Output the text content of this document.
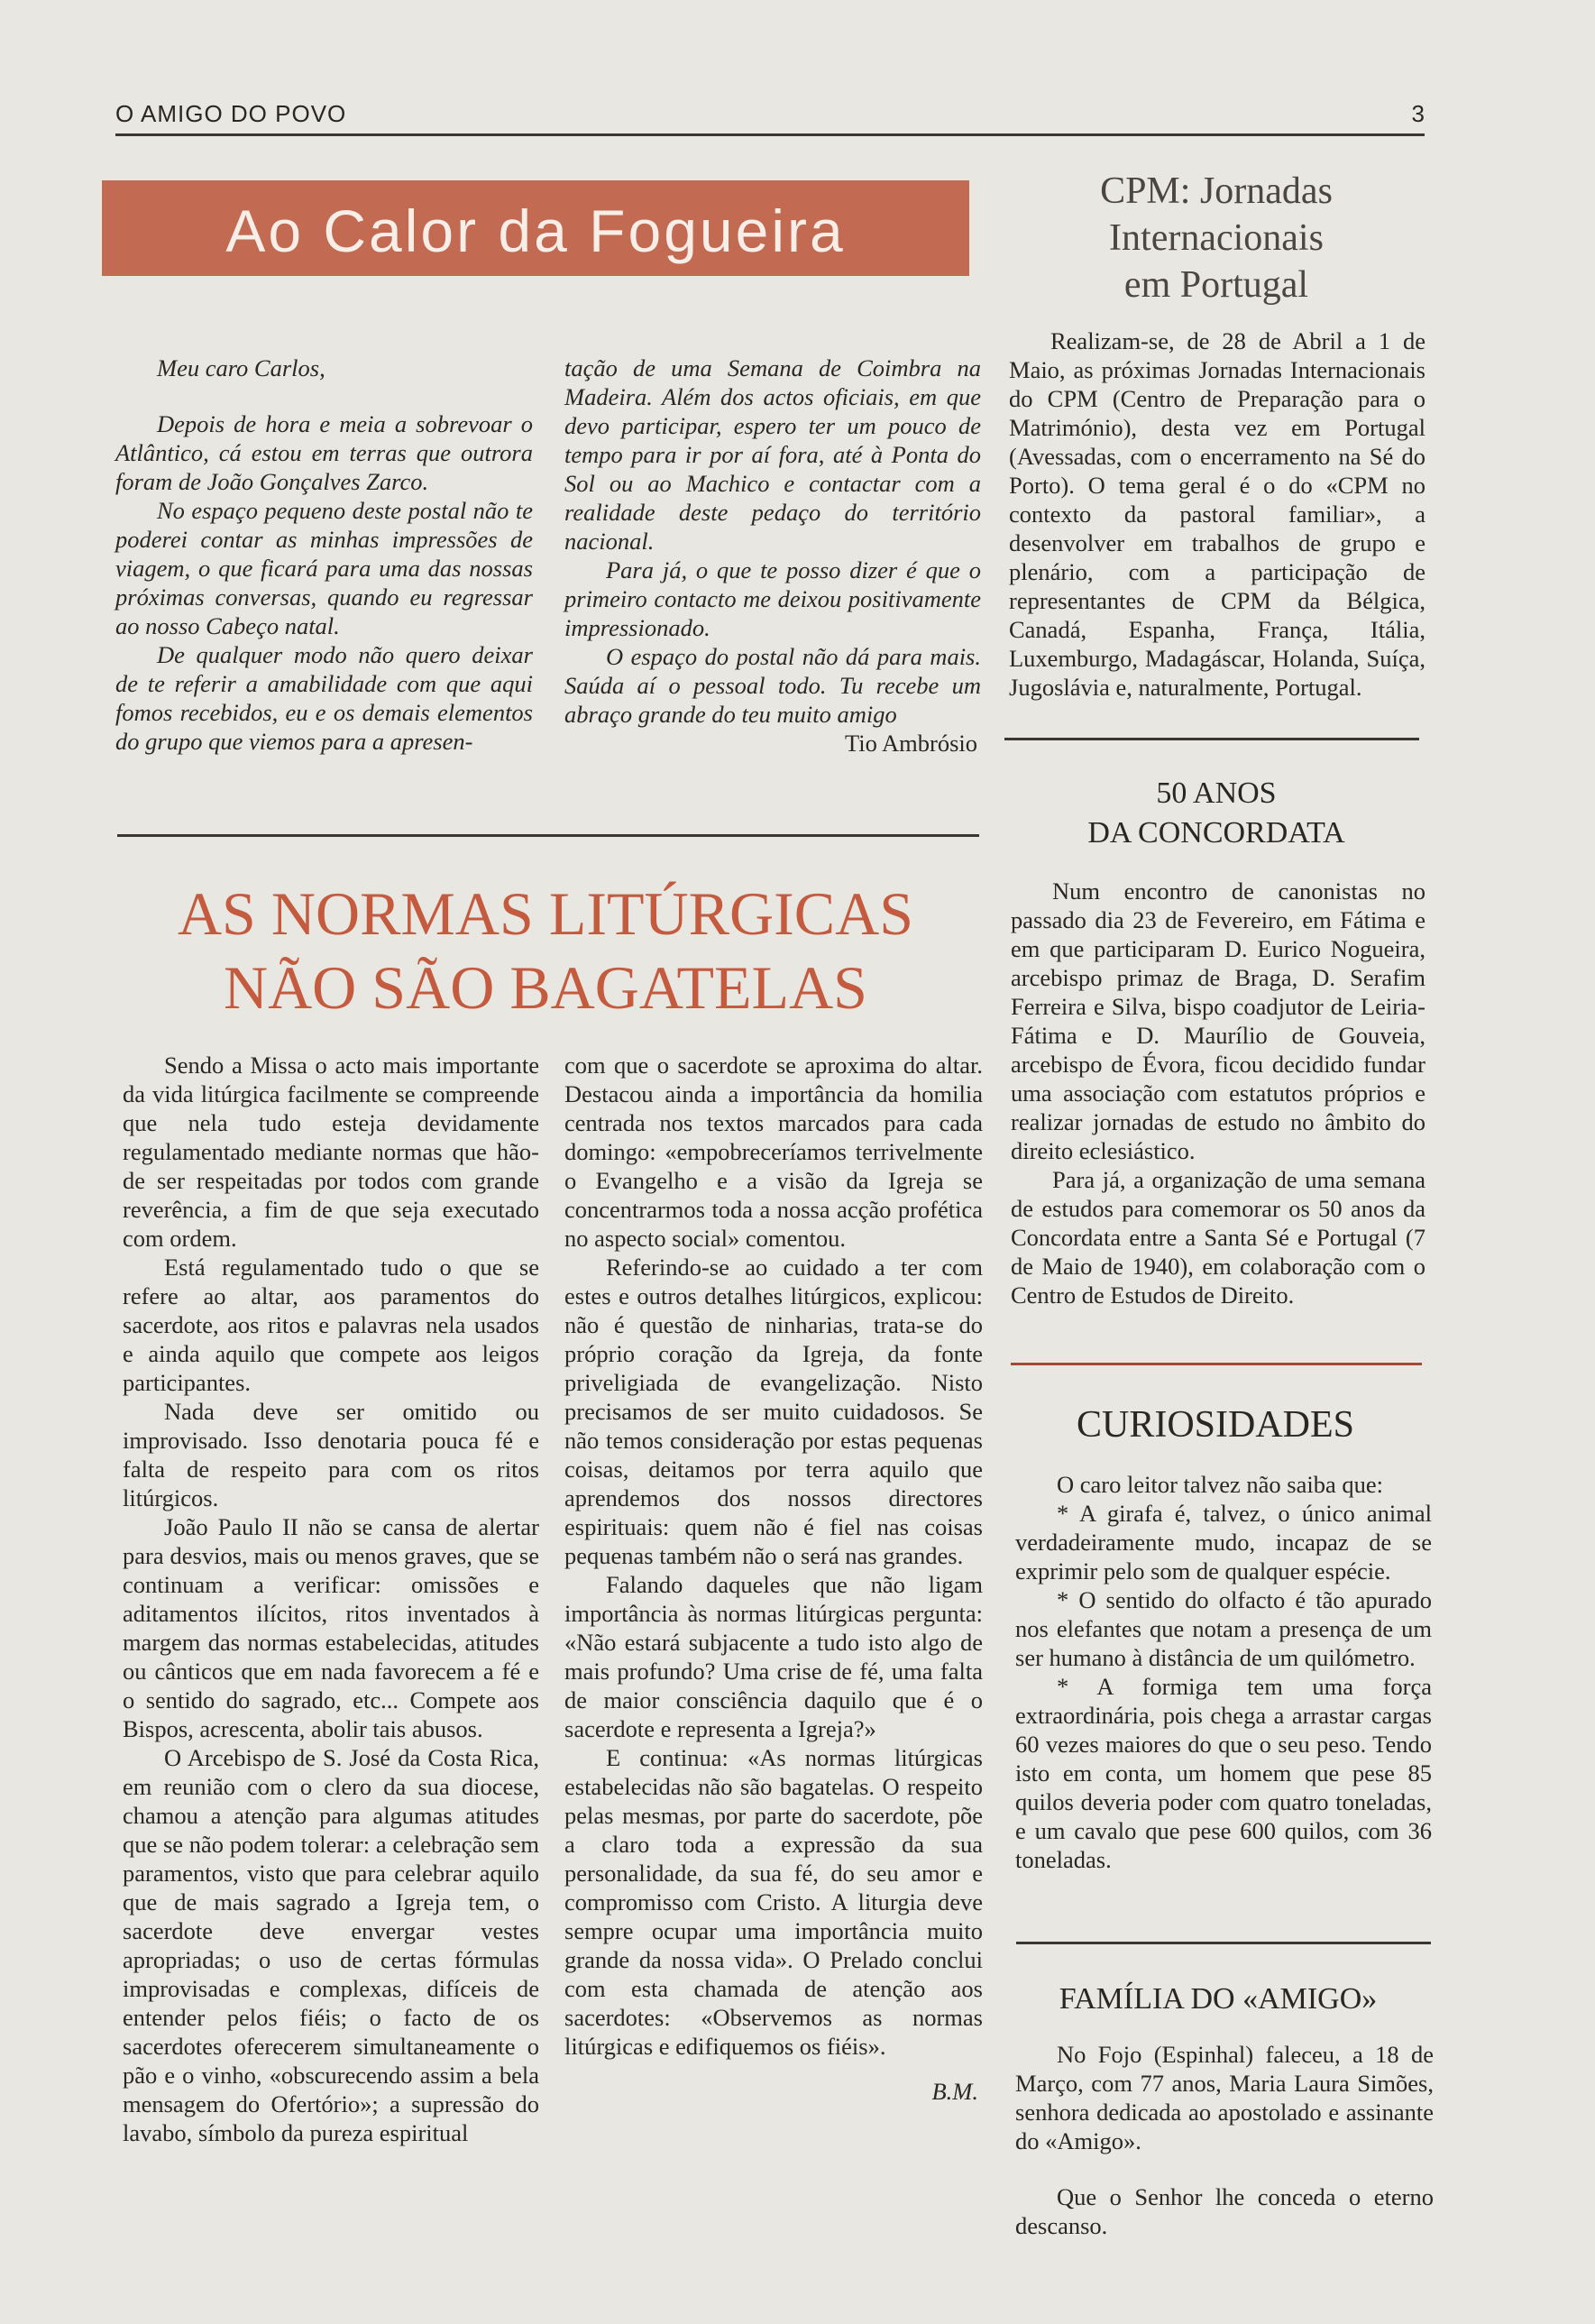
O AMIGO DO POVO	3
Ao Calor da Fogueira

Meu caro Carlos,

Depois de hora e meia a sobrevoar o Atlântico, cá estou em terras que outrora foram de João Gonçalves Zarco.

No espaço pequeno deste postal não te poderei contar as minhas impressões de viagem, o que ficará para uma das nossas próximas conversas, quando eu regressar ao nosso Cabeço natal.

De qualquer modo não quero deixar de te referir a amabilidade com que aqui fomos recebidos, eu e os demais elementos do grupo que viemos para a apresen-

tação de uma Semana de Coimbra na Madeira. Além dos actos oficiais, em que devo participar, espero ter um pouco de tempo para ir por aí fora, até à Ponta do Sol ou ao Machico e contactar com a realidade deste pedaço do território nacional.

Para já, o que te posso dizer é que o primeiro contacto me deixou positivamente impressionado.

O espaço do postal não dá para mais. Saúda aí o pessoal todo. Tu recebe um abraço grande do teu muito amigo

Tio Ambrósio

AS NORMAS LITÚRGICAS
NÃO SÃO BAGATELAS

Sendo a Missa o acto mais importante da vida litúrgica facilmente se compreende que nela tudo esteja devidamente regulamentado mediante normas que hão-de ser respeitadas por todos com grande reverência, a fim de que seja executado com ordem.

Está regulamentado tudo o que se refere ao altar, aos paramentos do sacerdote, aos ritos e palavras nela usados e ainda aquilo que compete aos leigos participantes.

Nada deve ser omitido ou improvisado. Isso denotaria pouca fé e falta de respeito para com os ritos litúrgicos.

João Paulo II não se cansa de alertar para desvios, mais ou menos graves, que se continuam a verificar: omissões e aditamentos ilícitos, ritos inventados à margem das normas estabelecidas, atitudes ou cânticos que em nada favorecem a fé e o sentido do sagrado, etc... Compete aos Bispos, acrescenta, abolir tais abusos.

O Arcebispo de S. José da Costa Rica, em reunião com o clero da sua diocese, chamou a atenção para algumas atitudes que se não podem tolerar: a celebração sem paramentos, visto que para celebrar aquilo que de mais sagrado a Igreja tem, o sacerdote deve envergar vestes apropriadas; o uso de certas fórmulas improvisadas e complexas, difíceis de entender pelos fiéis; o facto de os sacerdotes oferecerem simultaneamente o pão e o vinho, «obscurecendo assim a bela mensagem do Ofertório»; a supressão do lavabo, símbolo da pureza espiritual

com que o sacerdote se aproxima do altar. Destacou ainda a importância da homilia centrada nos textos marcados para cada domingo: «empobreceríamos terrivelmente o Evangelho e a visão da Igreja se concentrarmos toda a nossa acção profética no aspecto social» comentou.

Referindo-se ao cuidado a ter com estes e outros detalhes litúrgicos, explicou: não é questão de ninharias, trata-se do próprio coração da Igreja, da fonte priveligiada de evangelização. Nisto precisamos de ser muito cuidadosos. Se não temos consideração por estas pequenas coisas, deitamos por terra aquilo que aprendemos dos nossos directores espirituais: quem não é fiel nas coisas pequenas também não o será nas grandes.

Falando daqueles que não ligam importância às normas litúrgicas pergunta: «Não estará subjacente a tudo isto algo de mais profundo? Uma crise de fé, uma falta de maior consciência daquilo que é o sacerdote e representa a Igreja?»

E continua: «As normas litúrgicas estabelecidas não são bagatelas. O respeito pelas mesmas, por parte do sacerdote, põe a claro toda a expressão da sua personalidade, da sua fé, do seu amor e compromisso com Cristo. A liturgia deve sempre ocupar uma importância muito grande da nossa vida». O Prelado conclui com esta chamada de atenção aos sacerdotes: «Observemos as normas litúrgicas e edifiquemos os fiéis».

B.M.

CPM: Jornadas
Internacionais
em Portugal

Realizam-se, de 28 de Abril a 1 de Maio, as próximas Jornadas Internacionais do CPM (Centro de Preparação para o Matrimónio), desta vez em Portugal (Avessadas, com o encerramento na Sé do Porto). O tema geral é o do «CPM no contexto da pastoral familiar», a desenvolver em trabalhos de grupo e plenário, com a participação de representantes de CPM da Bélgica, Canadá, Espanha, França, Itália, Luxemburgo, Madagáscar, Holanda, Suíça, Jugoslávia e, naturalmente, Portugal.

50 ANOS
DA CONCORDATA

Num encontro de canonistas no passado dia 23 de Fevereiro, em Fátima e em que participaram D. Eurico Nogueira, arcebispo primaz de Braga, D. Serafim Ferreira e Silva, bispo coadjutor de Leiria-Fátima e D. Maurílio de Gouveia, arcebispo de Évora, ficou decidido fundar uma associação com estatutos próprios e realizar jornadas de estudo no âmbito do direito eclesiástico.

Para já, a organização de uma semana de estudos para comemorar os 50 anos da Concordata entre a Santa Sé e Portugal (7 de Maio de 1940), em colaboração com o Centro de Estudos de Direito.

CURIOSIDADES

O caro leitor talvez não saiba que:

* A girafa é, talvez, o único animal verdadeiramente mudo, incapaz de se exprimir pelo som de qualquer espécie.

* O sentido do olfacto é tão apurado nos elefantes que notam a presença de um ser humano à distância de um quilómetro.

* A formiga tem uma força extraordinária, pois chega a arrastar cargas 60 vezes maiores do que o seu peso. Tendo isto em conta, um homem que pese 85 quilos deveria poder com quatro toneladas, e um cavalo que pese 600 quilos, com 36 toneladas.

FAMÍLIA DO «AMIGO»

No Fojo (Espinhal) faleceu, a 18 de Março, com 77 anos, Maria Laura Simões, senhora dedicada ao apostolado e assinante do «Amigo».

Que o Senhor lhe conceda o eterno descanso.
